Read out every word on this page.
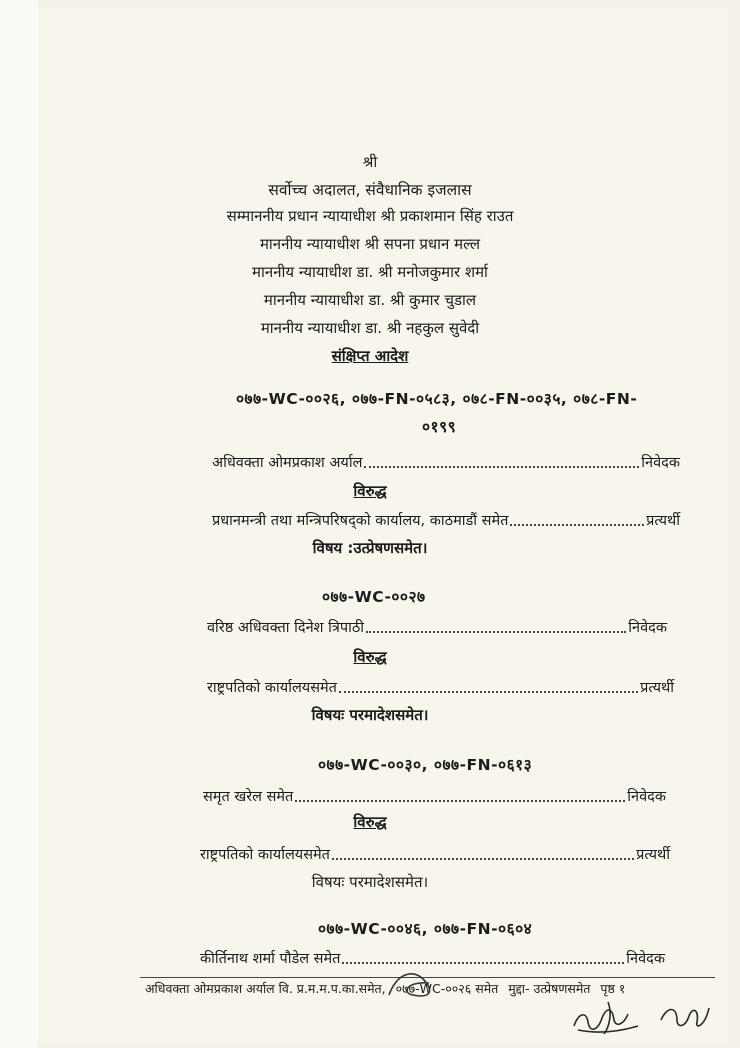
श्री
सर्वोच्च अदालत, संवैधानिक इजलास
सम्माननीय प्रधान न्यायाधीश श्री प्रकाशमान सिंह राउत
माननीय न्यायाधीश श्री सपना प्रधान मल्ल
माननीय न्यायाधीश डा. श्री मनोजकुमार शर्मा
माननीय न्यायाधीश डा. श्री कुमार चुडाल
माननीय न्यायाधीश डा. श्री नहकुल सुवेदी
संक्षिप्त आदेश
०७७-WC-००२६, ०७७-FN-०५८३, ०७८-FN-००३५, ०७८-FN-
०१९९
अधिवक्ता ओमप्रकाश अर्याल	निवेदक
विरुद्ध
प्रधानमन्त्री तथा मन्त्रिपरिषद्को कार्यालय, काठमाडौं समेत	प्रत्यर्थी
विषय :उत्प्रेषणसमेत।
०७७-WC-००२७
वरिष्ठ अधिवक्ता दिनेश त्रिपाठी	निवेदक
विरुद्ध
राष्ट्रपतिको कार्यालयसमेत	प्रत्यर्थी
विषयः परमादेशसमेत।
०७७-WC-००३०, ०७७-FN-०६१३
समृत खरेल समेत	निवेदक
विरुद्ध
राष्ट्रपतिको कार्यालयसमेत	प्रत्यर्थी
विषयः परमादेशसमेत।
०७७-WC-००४६, ०७७-FN-०६०४
कीर्तिनाथ शर्मा पौडेल समेत	निवेदक
अधिवक्ता ओमप्रकाश अर्याल वि. प्र.म.म.प.का.समेत, ०७७-WC-००२६ समेत मुद्दा- उत्प्रेषणसमेत पृष्ठ १
